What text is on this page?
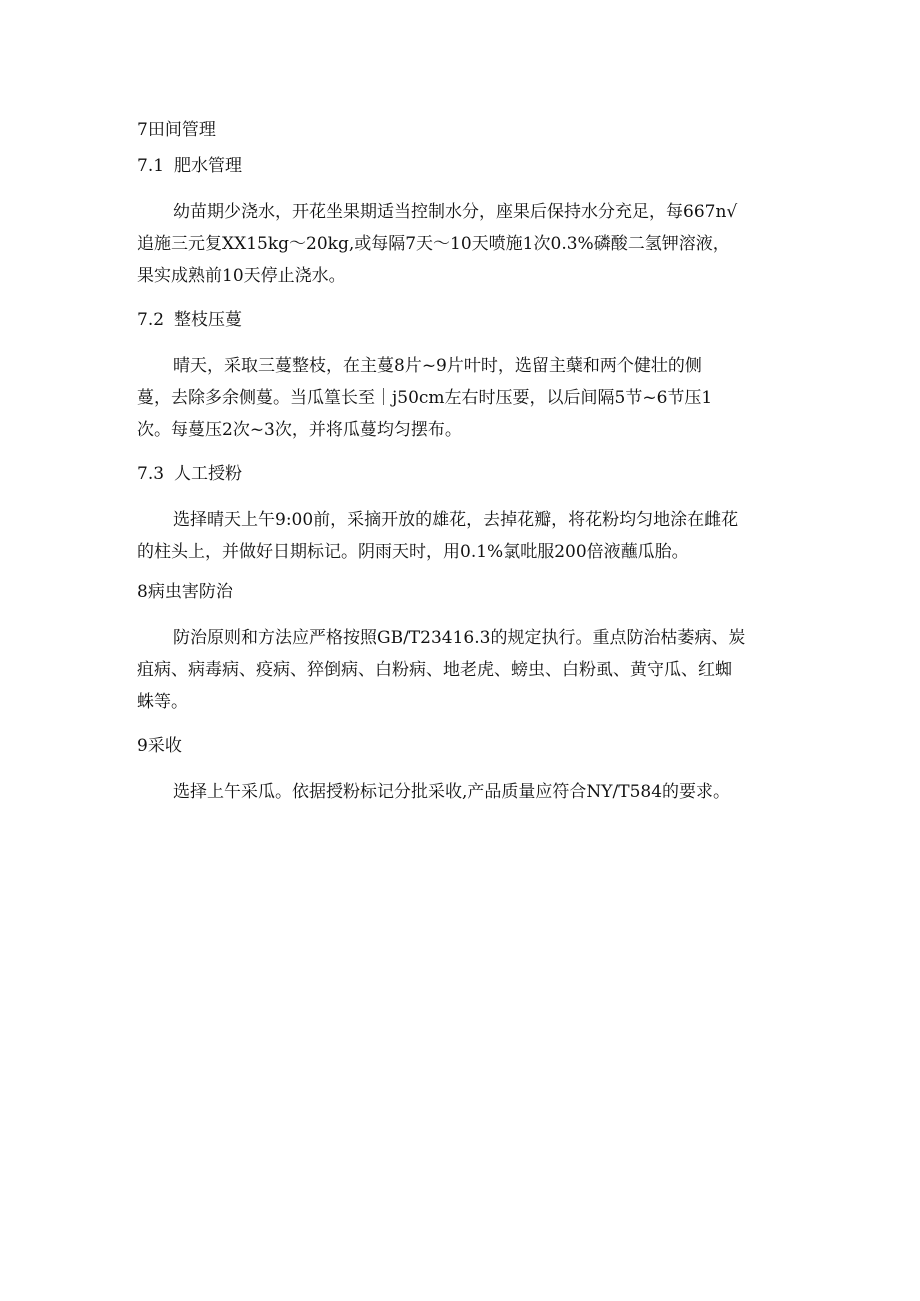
7田间管理
7.1 肥水管理

幼苗期少浇水，开花坐果期适当控制水分，座果后保持水分充足，每667n√
追施三元复XX15kg～20kg,或每隔7天～10天喷施1次0.3%磷酸二氢钾溶液，
果实成熟前10天停止浇水。

7.2 整枝压蔓

晴天，采取三蔓整枝，在主蔓8片~9片叶时，选留主蘖和两个健壮的侧
蔓，去除多余侧蔓。当瓜篁长至｜j50cm左右时压要，以后间隔5节~6节压1
次。每蔓压2次~3次，并将瓜蔓均匀摆布。

7.3 人工授粉

选择晴天上午9:00前，采摘开放的雄花，去掉花瓣，将花粉均匀地涂在雌花
的柱头上，并做好日期标记。阴雨天时，用0.1%氯吡服200倍液蘸瓜胎。

8病虫害防治

防治原则和方法应严格按照GB/T23416.3的规定执行。重点防治枯萎病、炭
疽病、病毒病、疫病、猝倒病、白粉病、地老虎、螃虫、白粉虱、黄守瓜、红蜘
蛛等。

9采收

选择上午采瓜。依据授粉标记分批采收,产品质量应符合NY/T584的要求。
